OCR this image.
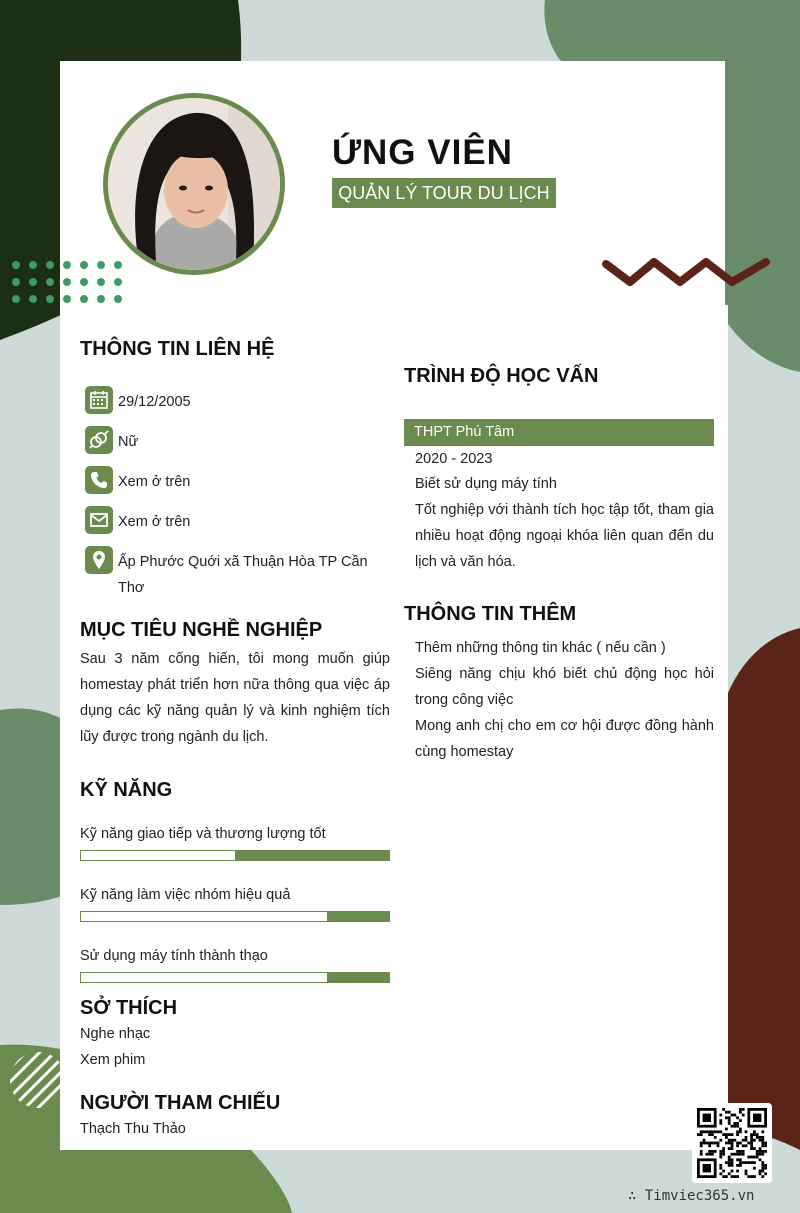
ỨNG VIÊN
QUẢN LÝ TOUR DU LỊCH
THÔNG TIN LIÊN HỆ
29/12/2005
Nữ
Xem ở trên
Xem ở trên
Ấp Phước Quới xã Thuận Hòa TP Cần Thơ
MỤC TIÊU NGHỀ NGHIỆP
Sau 3 năm cống hiến, tôi mong muốn giúp homestay phát triển hơn nữa thông qua việc áp dụng các kỹ năng quản lý và kinh nghiệm tích lũy được trong ngành du lịch.
KỸ NĂNG
Kỹ năng giao tiếp và thương lượng tốt
Kỹ năng làm việc nhóm hiệu quả
Sử dụng máy tính thành thạo
SỞ THÍCH
Nghe nhạc
Xem phim
NGƯỜI THAM CHIẾU
Thạch Thu Thảo
TRÌNH ĐỘ HỌC VẤN
THPT Phú Tâm
2020 - 2023
Biết sử dụng máy tính
Tốt nghiệp với thành tích học tập tốt, tham gia nhiều hoạt động ngoại khóa liên quan đến du lịch và văn hóa.
THÔNG TIN THÊM
Thêm những thông tin khác ( nếu cần )
Siêng năng chịu khó biết chủ động học hỏi trong công việc
Mong anh chị cho em cơ hội được đồng hành cùng homestay
∴ Timviec365.vn
